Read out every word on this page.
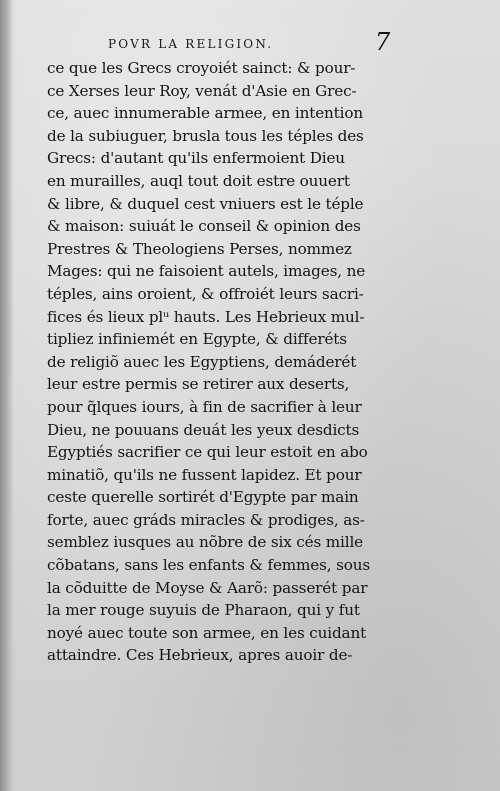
POVR LA RELIGION.	7
ce que les Grecs croyoiét sainct: & pour-
ce Xerses leur Roy, venát d'Asie en Grec-
ce, auec innumerable armee, en intention
de la subiuguer, brusla tous les téples des
Grecs: d'autant qu'ils enfermoient Dieu
en murailles, auql tout doit estre ouuert
& libre, & duquel cest vniuers est le téple
& maison: suiuát le conseil & opinion des
Prestres & Theologiens Perses, nommez
Mages: qui ne faisoient autels, images, ne
téples, ains oroient, & offroiét leurs sacri-
fices és lieux plᵘ hauts. Les Hebrieux mul-
tipliez infiniemét en Egypte, & differéts
de religiõ auec les Egyptiens, demáderét
leur estre permis se retirer aux deserts,
pour q̃lques iours, à fin de sacrifier à leur
Dieu, ne pouuans deuát les yeux desdicts
Egyptiés sacrifier ce qui leur estoit en abo
minatiõ, qu'ils ne fussent lapidez. Et pour
ceste querelle sortirét d'Egypte par main
forte, auec gráds miracles & prodiges, as-
semblez iusques au nõbre de six cés mille
cõbatans, sans les enfants & femmes, sous
la cõduitte de Moyse & Aarõ: passerét par
la mer rouge suyuis de Pharaon, qui y fut
noyé auec toute son armee, en les cuidant
attaindre. Ces Hebrieux, apres auoir de-
